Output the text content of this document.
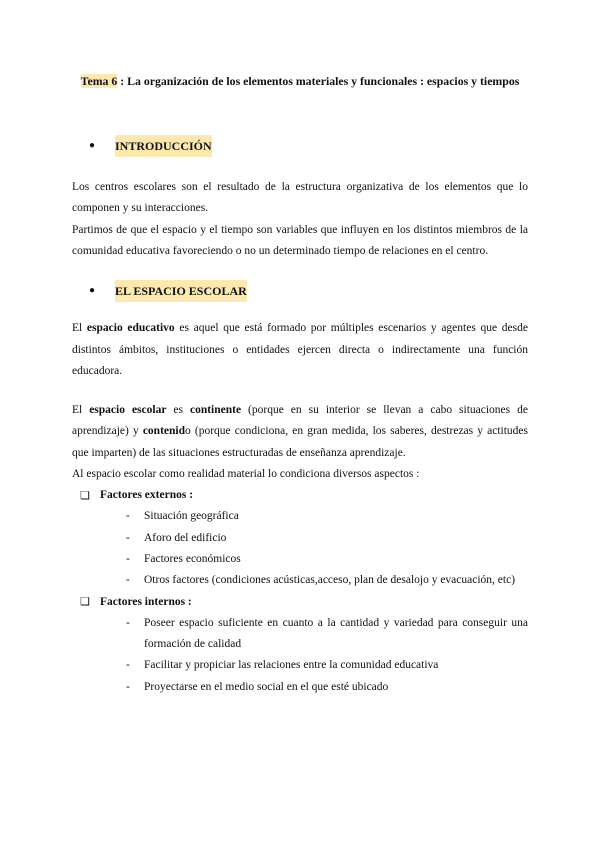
Tema 6 : La organización de los elementos materiales y funcionales : espacios y tiempos

●	INTRODUCCIÓN

Los centros escolares son el resultado de la estructura organizativa de los elementos que lo componen y su interacciones.

Partimos de que el espacio y el tiempo son variables que influyen en los distintos miembros de la comunidad educativa favoreciendo o no un determinado tiempo de relaciones en el centro.

●	EL ESPACIO ESCOLAR

El espacio educativo es aquel que está formado por múltiples escenarios y agentes que desde distintos ámbitos, instituciones o entidades ejercen directa o indirectamente una función educadora.

El espacio escolar es continente (porque en su interior se llevan a cabo situaciones de aprendizaje) y contenido (porque condiciona, en gran medida, los saberes, destrezas y actitudes que imparten) de las situaciones estructuradas de enseñanza aprendizaje.

Al espacio escolar como realidad material lo condiciona diversos aspectos :

❏ Factores externos :
-	Situación geográfica
-	Aforo del edificio
-	Factores económicos
-	Otros factores (condiciones acústicas,acceso, plan de desalojo y evacuación, etc)
❏ Factores internos :
-	Poseer espacio suficiente en cuanto a la cantidad y variedad para conseguir una formación de calidad
-	Facilitar y propiciar las relaciones entre la comunidad educativa
-	Proyectarse en el medio social en el que esté ubicado
